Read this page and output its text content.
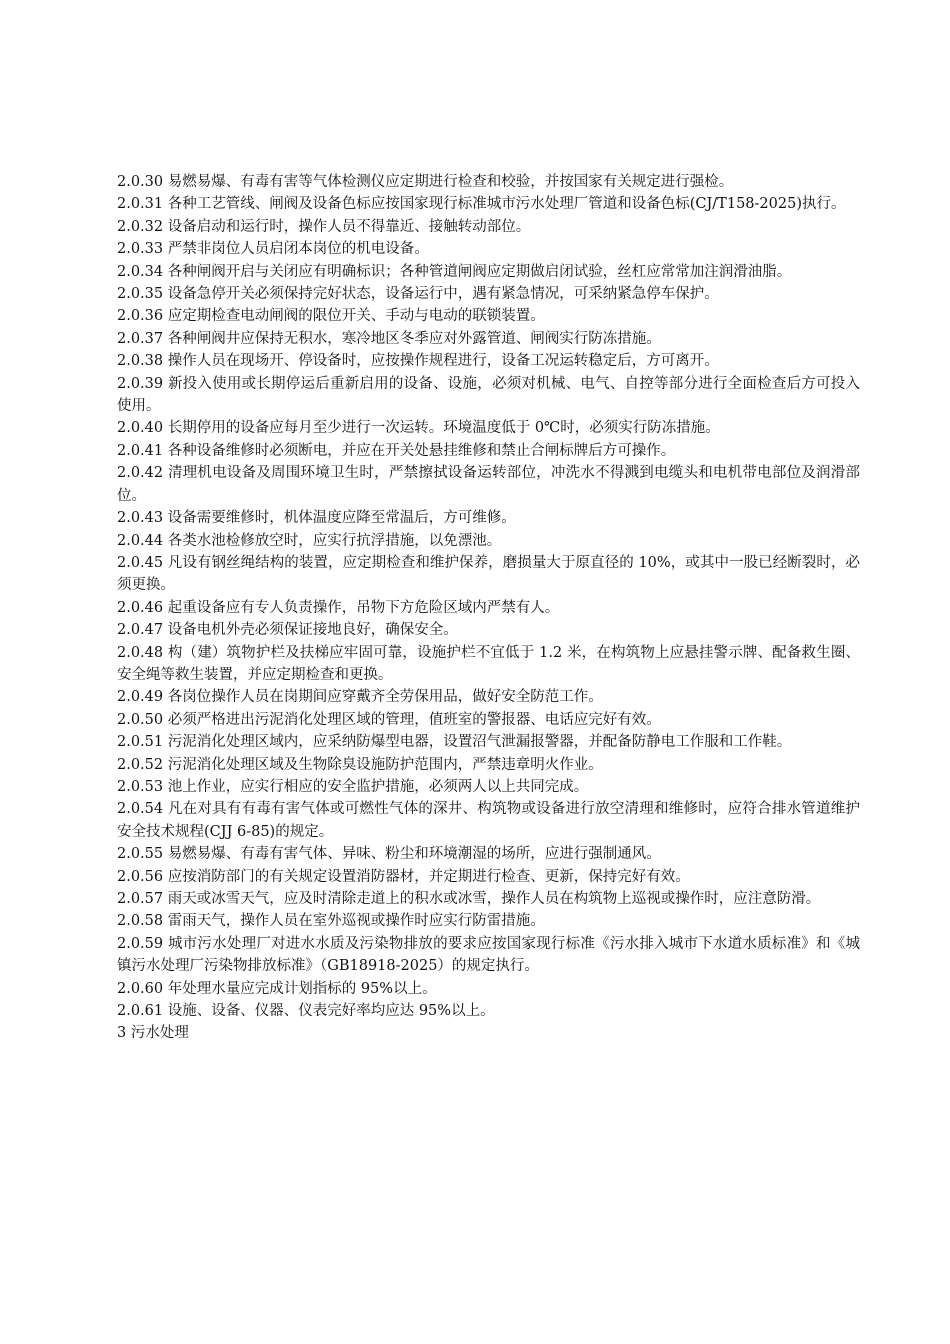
2.0.30 易燃易爆、有毒有害等气体检测仪应定期进行检查和校验，并按国家有关规定进行强检。

2.0.31 各种工艺管线、闸阀及设备色标应按国家现行标准城市污水处理厂管道和设备色标(CJ/T158-2025)执行。

2.0.32 设备启动和运行时，操作人员不得靠近、接触转动部位。

2.0.33 严禁非岗位人员启闭本岗位的机电设备。

2.0.34 各种闸阀开启与关闭应有明确标识；各种管道闸阀应定期做启闭试验，丝杠应常常加注润滑油脂。

2.0.35 设备急停开关必须保持完好状态，设备运行中，遇有紧急情况，可采纳紧急停车保护。

2.0.36 应定期检查电动闸阀的限位开关、手动与电动的联锁装置。

2.0.37 各种闸阀井应保持无积水，寒冷地区冬季应对外露管道、闸阀实行防冻措施。

2.0.38 操作人员在现场开、停设备时，应按操作规程进行，设备工况运转稳定后，方可离开。

2.0.39 新投入使用或长期停运后重新启用的设备、设施，必须对机械、电气、自控等部分进行全面检查后方可投入使用。

2.0.40 长期停用的设备应每月至少进行一次运转。环境温度低于 0℃时，必须实行防冻措施。

2.0.41 各种设备维修时必须断电，并应在开关处悬挂维修和禁止合闸标牌后方可操作。

2.0.42 清理机电设备及周围环境卫生时，严禁擦拭设备运转部位，冲洗水不得溅到电缆头和电机带电部位及润滑部位。

2.0.43 设备需要维修时，机体温度应降至常温后，方可维修。

2.0.44 各类水池检修放空时，应实行抗浮措施，以免漂池。

2.0.45 凡设有钢丝绳结构的装置，应定期检查和维护保养，磨损量大于原直径的 10%，或其中一股已经断裂时，必须更换。

2.0.46 起重设备应有专人负责操作，吊物下方危险区域内严禁有人。

2.0.47 设备电机外壳必须保证接地良好，确保安全。

2.0.48 构（建）筑物护栏及扶梯应牢固可靠，设施护栏不宜低于 1.2 米，在构筑物上应悬挂警示牌、配备救生圈、安全绳等救生装置，并应定期检查和更换。

2.0.49 各岗位操作人员在岗期间应穿戴齐全劳保用品，做好安全防范工作。

2.0.50 必须严格进出污泥消化处理区域的管理，值班室的警报器、电话应完好有效。

2.0.51 污泥消化处理区域内，应采纳防爆型电器，设置沼气泄漏报警器，并配备防静电工作服和工作鞋。

2.0.52 污泥消化处理区域及生物除臭设施防护范围内，严禁违章明火作业。

2.0.53 池上作业，应实行相应的安全监护措施，必须两人以上共同完成。

2.0.54 凡在对具有有毒有害气体或可燃性气体的深井、构筑物或设备进行放空清理和维修时，应符合排水管道维护安全技术规程(CJJ 6-85)的规定。

2.0.55 易燃易爆、有毒有害气体、异味、粉尘和环境潮湿的场所，应进行强制通风。

2.0.56 应按消防部门的有关规定设置消防器材，并定期进行检查、更新，保持完好有效。

2.0.57 雨天或冰雪天气，应及时清除走道上的积水或冰雪，操作人员在构筑物上巡视或操作时，应注意防滑。

2.0.58 雷雨天气，操作人员在室外巡视或操作时应实行防雷措施。

2.0.59 城市污水处理厂对进水水质及污染物排放的要求应按国家现行标准《污水排入城市下水道水质标准》和《城镇污水处理厂污染物排放标准》（GB18918-2025）的规定执行。

2.0.60 年处理水量应完成计划指标的 95%以上。

2.0.61 设施、设备、仪器、仪表完好率均应达 95%以上。

3 污水处理
